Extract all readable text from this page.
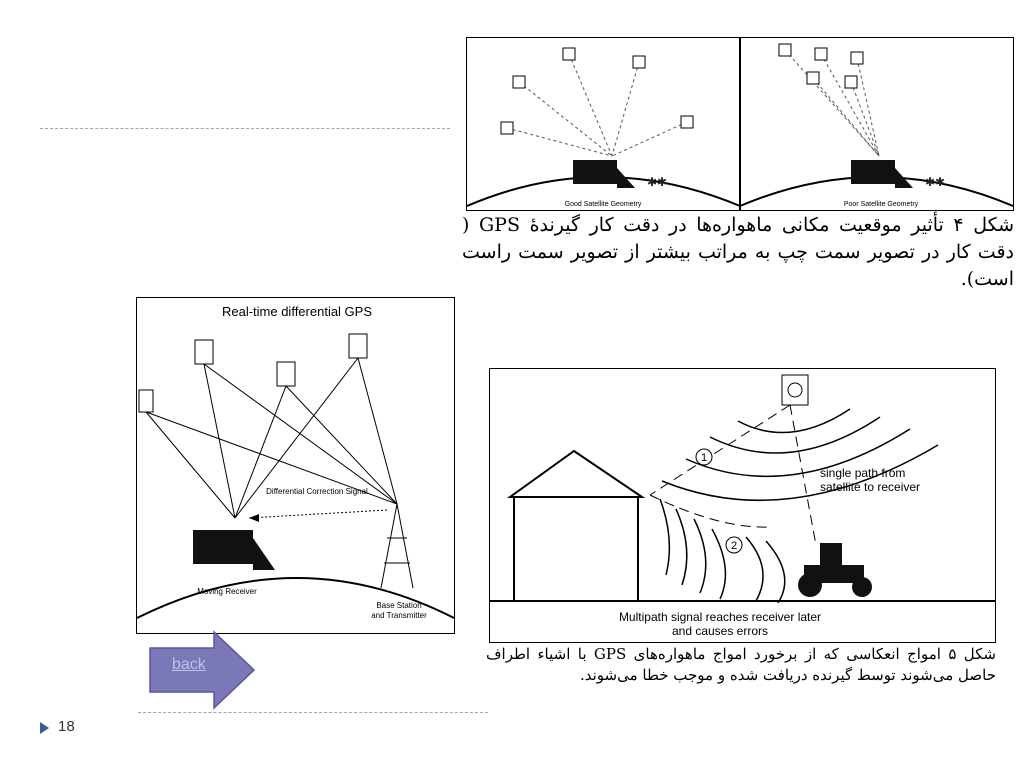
✱✱
Good Satellite Geometry
✱✱
Poor Satellite Geometry
شکل ۴ تأثیر موقعیت مکانی ماهواره‌ها در دقت کار گیرندهٔ GPS ( دقت کار در تصویر سمت چپ به مراتب بیشتر از تصویر سمت راست است).
Real-time differential GPS
Differential Correction Signal
Moving Receiver
Base Station
and Transmitter
1
2
single path from
satellite to receiver
Multipath signal reaches receiver later
and causes errors
شکل ۵ امواج انعکاسی که از برخورد امواج ماهواره‌های GPS با اشیاء اطراف حاصل می‌شوند توسط گیرنده دریافت شده و موجب خطا می‌شوند.
back
18
